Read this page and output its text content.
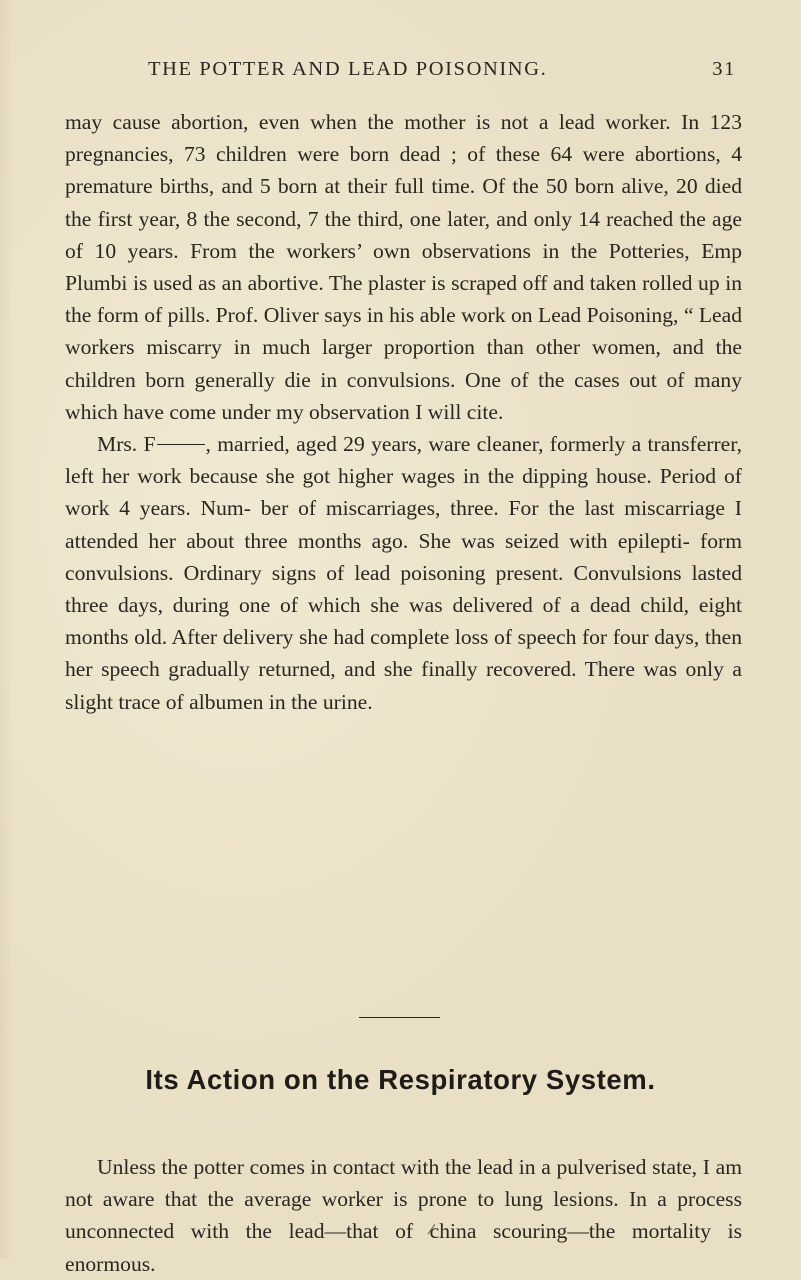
THE POTTER AND LEAD POISONING.	31

may cause abortion, even when the mother is not a lead worker. In 123 pregnancies, 73 children were born dead ; of these 64 were abortions, 4 premature births, and 5 born at their full time. Of the 50 born alive, 20 died the first year, 8 the second, 7 the third, one later, and only 14 reached the age of 10 years. From the workers’ own observations in the Potteries, Emp Plumbi is used as an abortive. The plaster is scraped off and taken rolled up in the form of pills. Prof. Oliver says in his able work on Lead Poisoning, “ Lead workers miscarry in much larger proportion than other women, and the children born generally die in convulsions. One of the cases out of many which have come under my observation I will cite.

Mrs. F , married, aged 29 years, ware cleaner, formerly a transferrer, left her work because she got higher wages in the dipping house. Period of work 4 years. Num- ber of miscarriages, three. For the last miscarriage I attended her about three months ago. She was seized with epilepti- form convulsions. Ordinary signs of lead poisoning present. Convulsions lasted three days, during one of which she was delivered of a dead child, eight months old. After delivery she had complete loss of speech for four days, then her speech gradually returned, and she finally recovered. There was only a slight trace of albumen in the urine.

Its Action on the Respiratory System.

Unless the potter comes in contact with the lead in a pulverised state, I am not aware that the average worker is prone to lung lesions. In a process unconnected with the lead—that of china scouring—the mortality is enormous.
